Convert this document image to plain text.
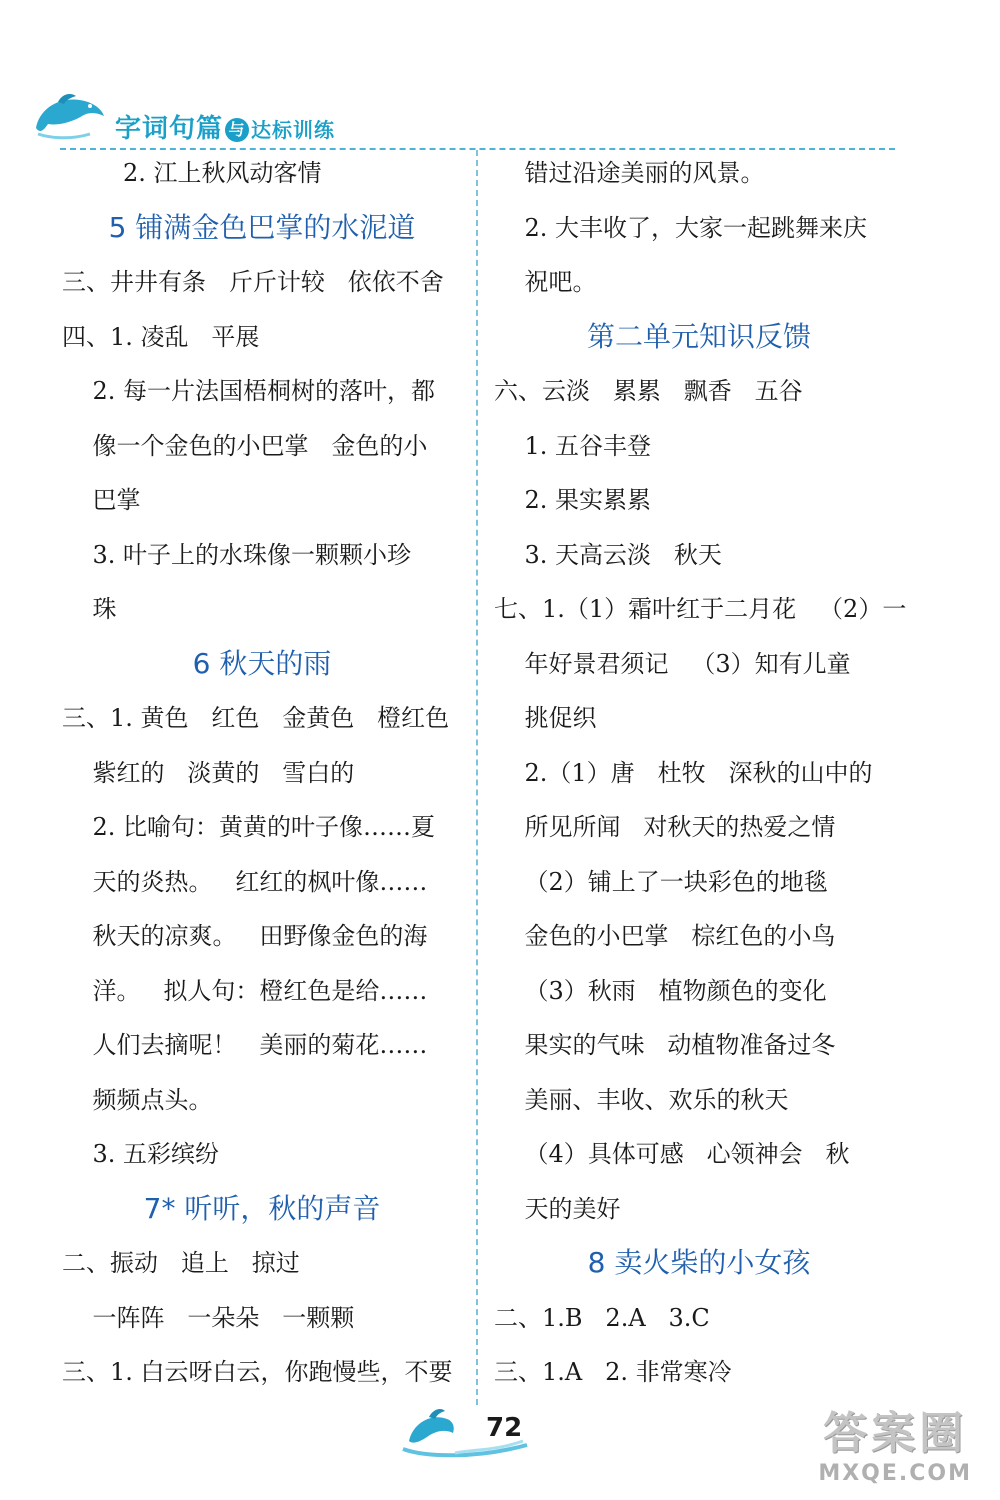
字词句篇 与 达标训练
2. 江上秋风动客情
5 铺满金色巴掌的水泥道
三、井井有条   斤斤计较   依依不舍
四、1. 凌乱   平展
2. 每一片法国梧桐树的落叶，都
像一个金色的小巴掌   金色的小
巴掌
3. 叶子上的水珠像一颗颗小珍
珠
6 秋天的雨
三、1. 黄色   红色   金黄色   橙红色
紫红的   淡黄的   雪白的
2. 比喻句：黄黄的叶子像……夏
天的炎热。   红红的枫叶像……
秋天的凉爽。   田野像金色的海
洋。   拟人句：橙红色是给……
人们去摘呢！   美丽的菊花……
频频点头。
3. 五彩缤纷
7* 听听，秋的声音
二、振动   追上   掠过
一阵阵   一朵朵   一颗颗
三、1. 白云呀白云，你跑慢些，不要
错过沿途美丽的风景。
2. 大丰收了，大家一起跳舞来庆
祝吧。
第二单元知识反馈
六、云淡   累累   飘香   五谷
1. 五谷丰登
2. 果实累累
3. 天高云淡   秋天
七、1.（1）霜叶红于二月花   （2）一
年好景君须记   （3）知有儿童
挑促织
2.（1）唐   杜牧   深秋的山中的
所见所闻   对秋天的热爱之情
（2）铺上了一块彩色的地毯
金色的小巴掌   棕红色的小鸟
（3）秋雨   植物颜色的变化
果实的气味   动植物准备过冬
美丽、丰收、欢乐的秋天
（4）具体可感   心领神会   秋
天的美好
8 卖火柴的小女孩
二、1.B   2.A   3.C
三、1.A   2. 非常寒冷
72	答案圈
MXQE.COM
